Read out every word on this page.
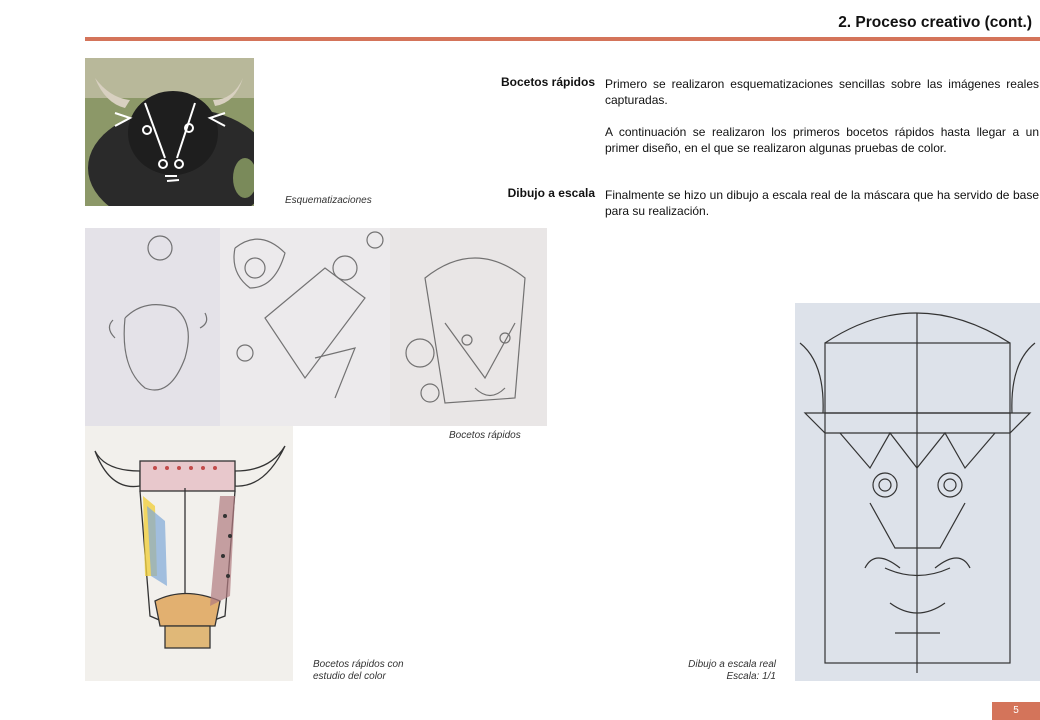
2. Proceso creativo (cont.)
Esquematizaciones
Bocetos rápidos
Dibujo a escala
Primero se realizaron esquematizaciones sencillas sobre las imágenes reales capturadas.
A continuación se realizaron los primeros bocetos rápidos hasta llegar a un primer diseño, en el que se realizaron algunas pruebas de color.
Finalmente se hizo un dibujo a escala real de la máscara que ha servido de base para su realización.
Bocetos rápidos
Bocetos rápidos con
estudio del color
Dibujo a escala real
Escala: 1/1
5
